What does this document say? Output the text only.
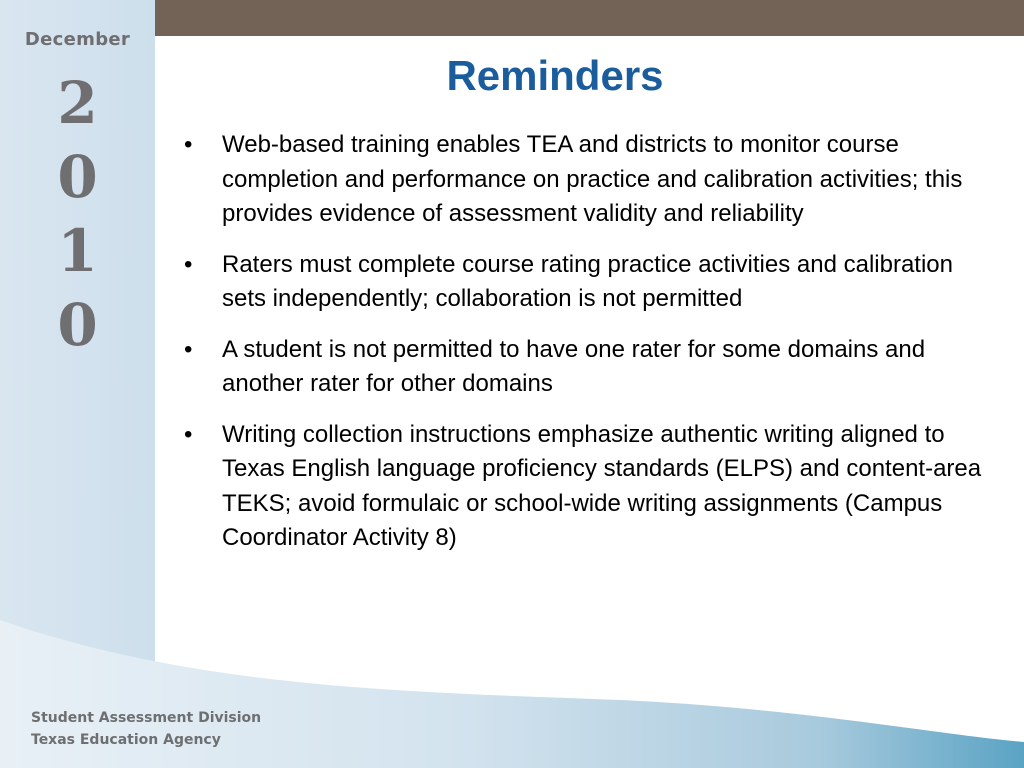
December
2
0
1
0
Reminders
• Web-based training enables TEA and districts to monitor course completion and performance on practice and calibration activities; this provides evidence of assessment validity and reliability
• Raters must complete course rating practice activities and calibration sets independently; collaboration is not permitted
• A student is not permitted to have one rater for some domains and another rater for other domains
• Writing collection instructions emphasize authentic writing aligned to Texas English language proficiency standards (ELPS) and content-area TEKS; avoid formulaic or school-wide writing assignments (Campus Coordinator Activity 8)
Student Assessment Division
Texas Education Agency
